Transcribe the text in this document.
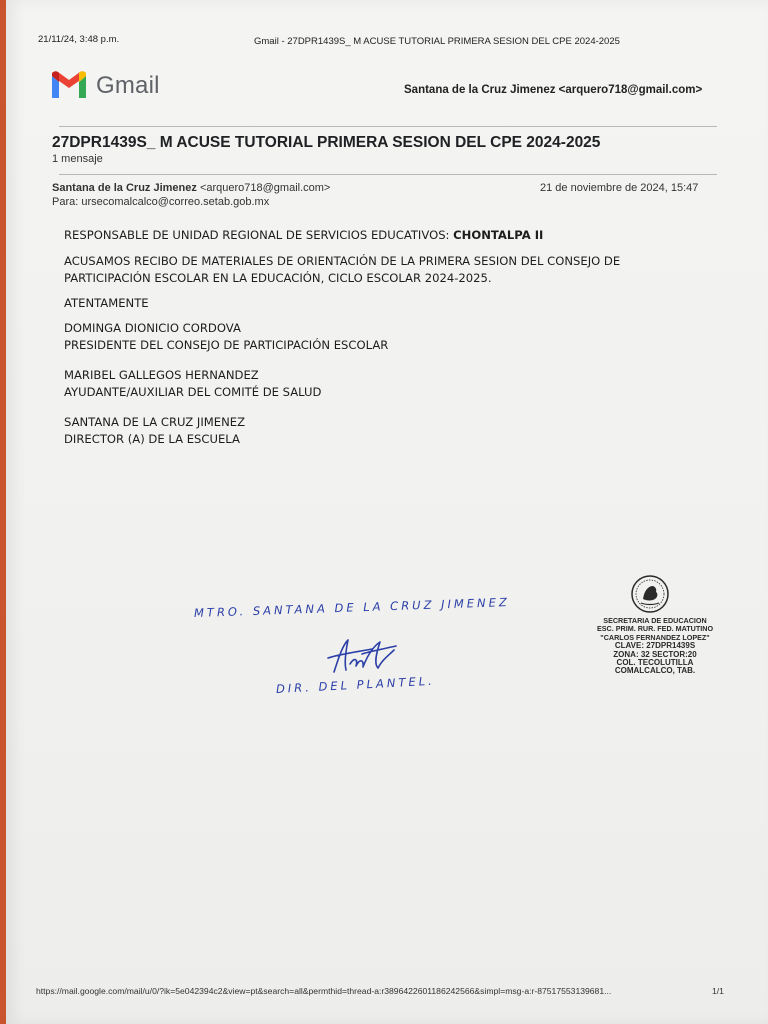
21/11/24, 3:48 p.m.	Gmail - 27DPR1439S_ M ACUSE TUTORIAL PRIMERA SESION DEL CPE 2024-2025
Gmail	Santana de la Cruz Jimenez <arquero718@gmail.com>
27DPR1439S_ M ACUSE TUTORIAL PRIMERA SESION DEL CPE 2024-2025
1 mensaje
Santana de la Cruz Jimenez <arquero718@gmail.com>	21 de noviembre de 2024, 15:47
Para: ursecomalcalco@correo.setab.gob.mx
RESPONSABLE DE UNIDAD REGIONAL DE SERVICIOS EDUCATIVOS: CHONTALPA II
ACUSAMOS RECIBO DE MATERIALES DE ORIENTACIÓN DE LA PRIMERA SESION DEL CONSEJO DE
PARTICIPACIÓN ESCOLAR EN LA EDUCACIÓN, CICLO ESCOLAR 2024-2025.
ATENTAMENTE
DOMINGA DIONICIO CORDOVA
PRESIDENTE DEL CONSEJO DE PARTICIPACIÓN ESCOLAR
MARIBEL GALLEGOS HERNANDEZ
AYUDANTE/AUXILIAR DEL COMITÉ DE SALUD
SANTANA DE LA CRUZ JIMENEZ
DIRECTOR (A) DE LA ESCUELA
MTRO. SANTANA DE LA CRUZ JIMENEZ
DIR. DEL PLANTEL.
SECRETARIA DE EDUCACION
ESC. PRIM. RUR. FED. MATUTINO
"CARLOS FERNANDEZ LOPEZ"
CLAVE: 27DPR1439S
ZONA: 32 SECTOR:20
COL. TECOLUTILLA
COMALCALCO, TAB.
https://mail.google.com/mail/u/0/?ik=5e042394c2&view=pt&search=all&permthid=thread-a:r3896422601186242566&simpl=msg-a:r-87517553139681...	1/1
